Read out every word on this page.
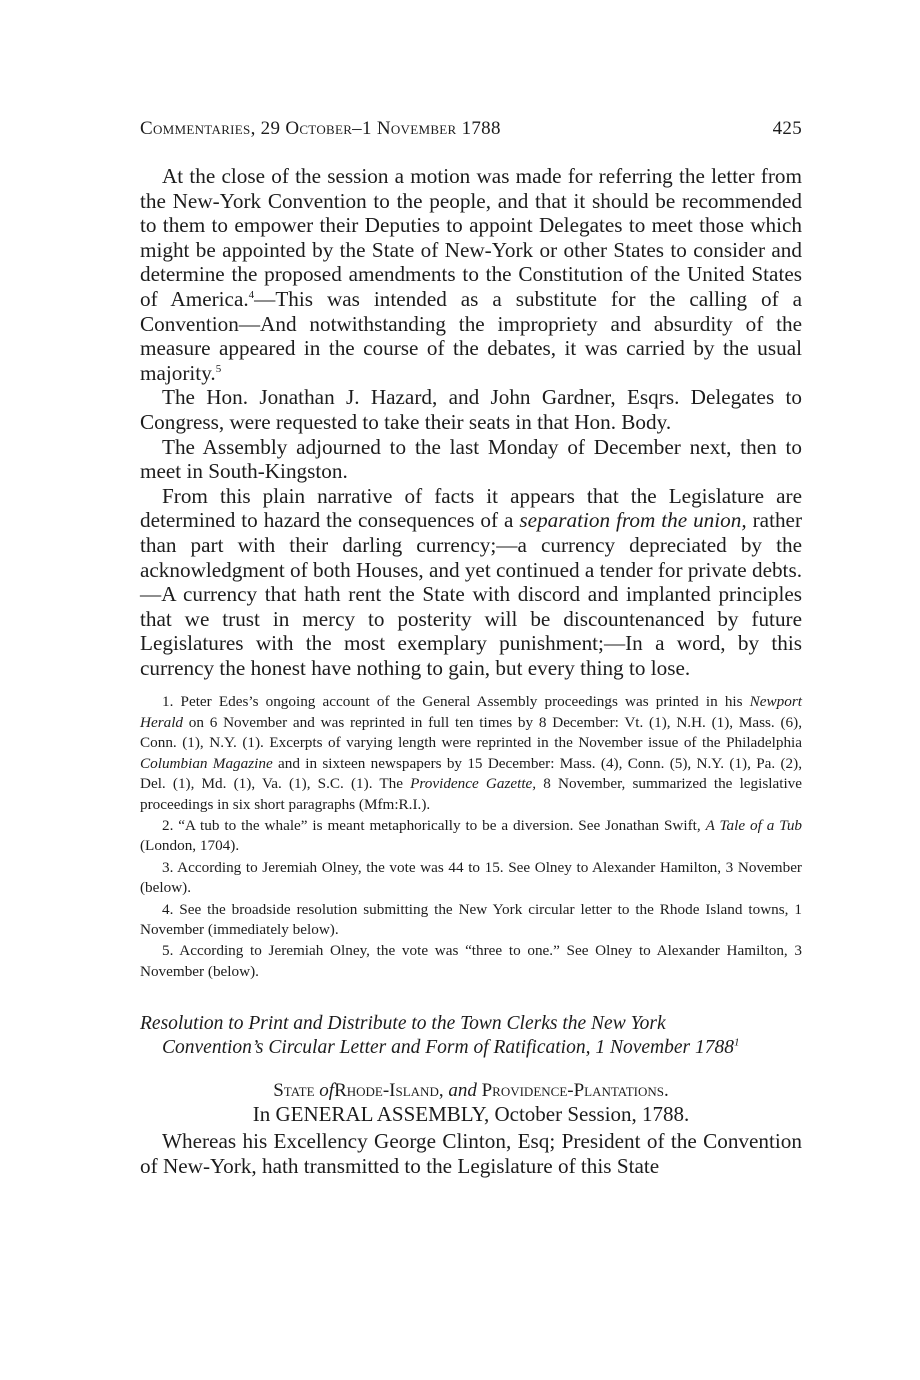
Commentaries, 29 October–1 November 1788	425

At the close of the session a motion was made for referring the letter from the New-York Convention to the people, and that it should be recommended to them to empower their Deputies to appoint Delegates to meet those which might be appointed by the State of New-York or other States to consider and determine the proposed amendments to the Constitution of the United States of America.$^4$—This was intended as a substitute for the calling of a Convention—And notwithstanding the impropriety and absurdity of the measure appeared in the course of the debates, it was carried by the usual majority.$^5$

The Hon. Jonathan J. Hazard, and John Gardner, Esqrs. Delegates to Congress, were requested to take their seats in that Hon. Body.

The Assembly adjourned to the last Monday of December next, then to meet in South-Kingston.

From this plain narrative of facts it appears that the Legislature are determined to hazard the consequences of a separation from the union, rather than part with their darling currency;—a currency depreciated by the acknowledgment of both Houses, and yet continued a tender for private debts.—A currency that hath rent the State with discord and implanted principles that we trust in mercy to posterity will be discountenanced by future Legislatures with the most exemplary punishment;—In a word, by this currency the honest have nothing to gain, but every thing to lose.

1. Peter Edes’s ongoing account of the General Assembly proceedings was printed in his Newport Herald on 6 November and was reprinted in full ten times by 8 December: Vt. (1), N.H. (1), Mass. (6), Conn. (1), N.Y. (1). Excerpts of varying length were reprinted in the November issue of the Philadelphia Columbian Magazine and in sixteen newspapers by 15 December: Mass. (4), Conn. (5), N.Y. (1), Pa. (2), Del. (1), Md. (1), Va. (1), S.C. (1). The Providence Gazette, 8 November, summarized the legislative proceedings in six short paragraphs (Mfm:R.I.).

2. “A tub to the whale” is meant metaphorically to be a diversion. See Jonathan Swift, A Tale of a Tub (London, 1704).

3. According to Jeremiah Olney, the vote was 44 to 15. See Olney to Alexander Hamilton, 3 November (below).

4. See the broadside resolution submitting the New York circular letter to the Rhode Island towns, 1 November (immediately below).

5. According to Jeremiah Olney, the vote was “three to one.” See Olney to Alexander Hamilton, 3 November (below).

Resolution to Print and Distribute to the Town Clerks the New York
Convention’s Circular Letter and Form of Ratification, 1 November 1788$^1$
State ofRhode-Island, and Providence-Plantations.
In GENERAL ASSEMBLY, October Session, 1788.

Whereas his Excellency George Clinton, Esq; President of the Convention of New-York, hath transmitted to the Legislature of this State
